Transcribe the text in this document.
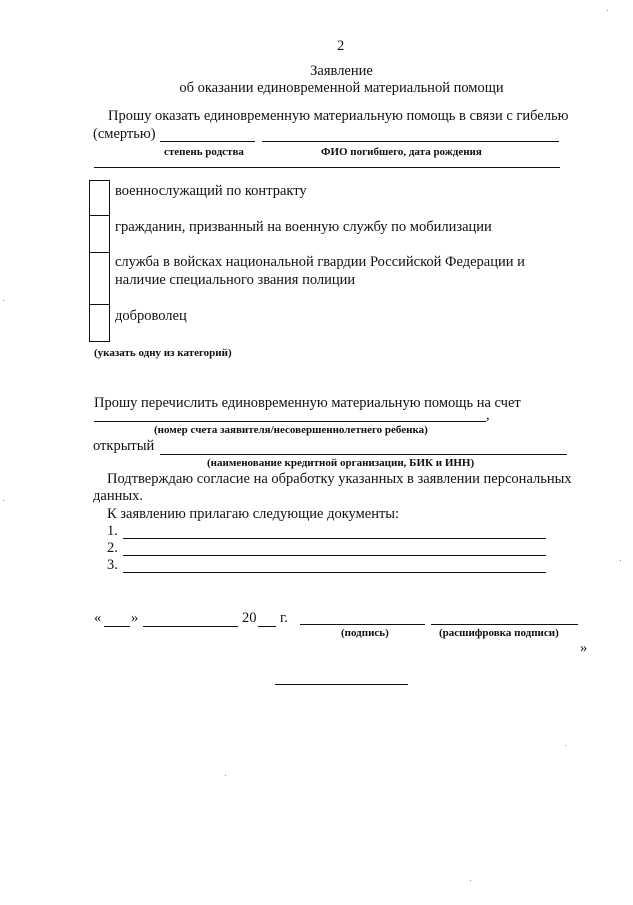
2
Заявление
об оказании единовременной материальной помощи
Прошу оказать единовременную материальную помощь в связи с гибелью
(смертью)
степень родства	ФИО погибшего, дата рождения
военнослужащий по контракту
гражданин, призванный на военную службу по мобилизации
служба в войсках национальной гвардии Российской Федерации и
наличие специального звания полиции
доброволец
(указать одну из категорий)
Прошу перечислить единовременную материальную помощь на счет
,
(номер счета заявителя/несовершеннолетнего ребенка)
открытый
(наименование кредитной организации, БИК и ИНН)
Подтверждаю согласие на обработку указанных в заявлении персональных
данных.
К заявлению прилагаю следующие документы:
1.
2.
3.
« »	20 г.
(подпись)	(расшифровка подписи)
»
